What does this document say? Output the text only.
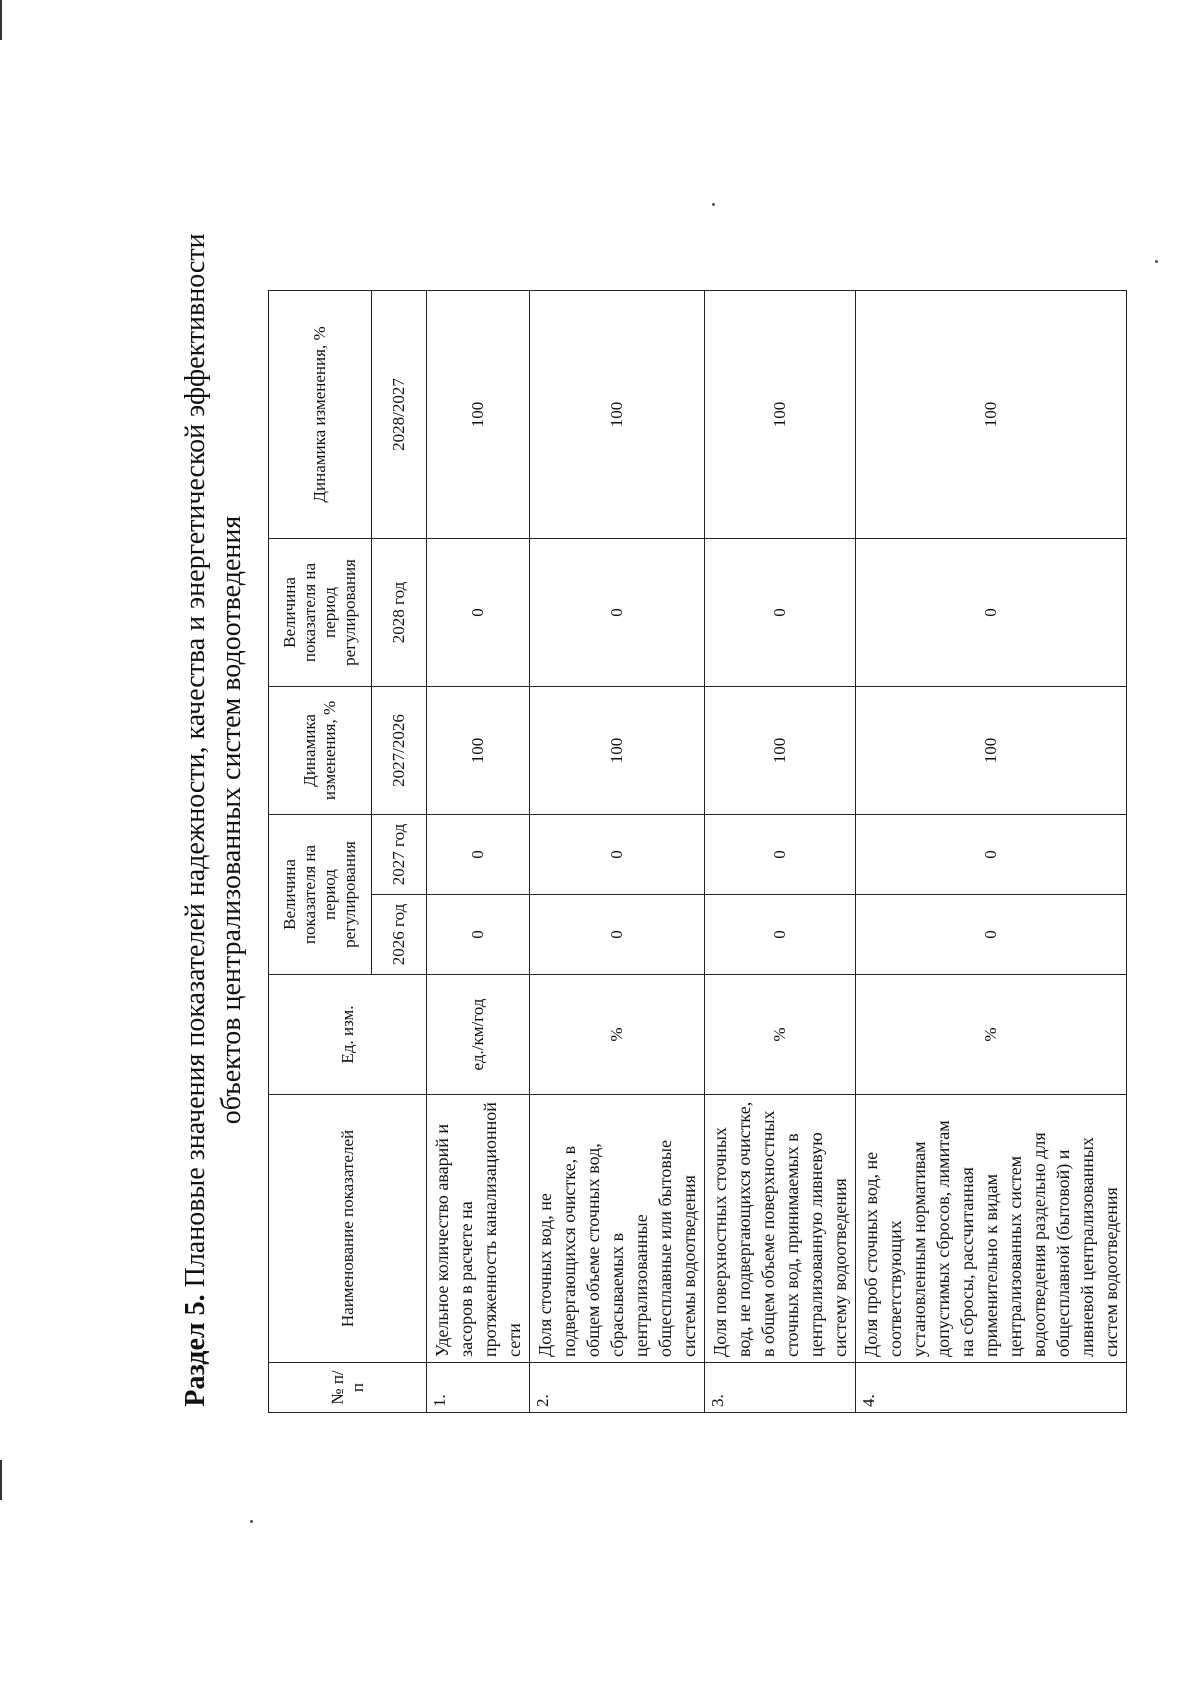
Раздел 5. Плановые значения показателей надежности, качества и энергетической эффективности объектов централизованных систем водоотведения
№ п/п	Наименование показателей	Ед. изм.	Величина показателя на период регулирования		Динамика изменения, %	Величина показателя на период регулирования	Динамика изменения, %
			2026 год	2027 год	2027/2026	2028 год	2028/2027
1.	Удельное количество аварий и засоров в расчете на протяженность канализационной сети	ед./км/год	0	0	100	0	100
2.	Доля сточных вод, не подвергающихся очистке, в общем объеме сточных вод, сбрасываемых в централизованные общесплавные или бытовые системы водоотведения	%	0	0	100	0	100
3.	Доля поверхностных сточных вод, не подвергающихся очистке, в общем объеме поверхностных сточных вод, принимаемых в централизованную ливневую систему водоотведения	%	0	0	100	0	100
4.	Доля проб сточных вод, не соответствующих установленным нормативам допустимых сбросов, лимитам на сбросы, рассчитанная применительно к видам централизованных систем водоотведения раздельно для общесплавной (бытовой) и ливневой централизованных систем водоотведения	%	0	0	100	0	100
